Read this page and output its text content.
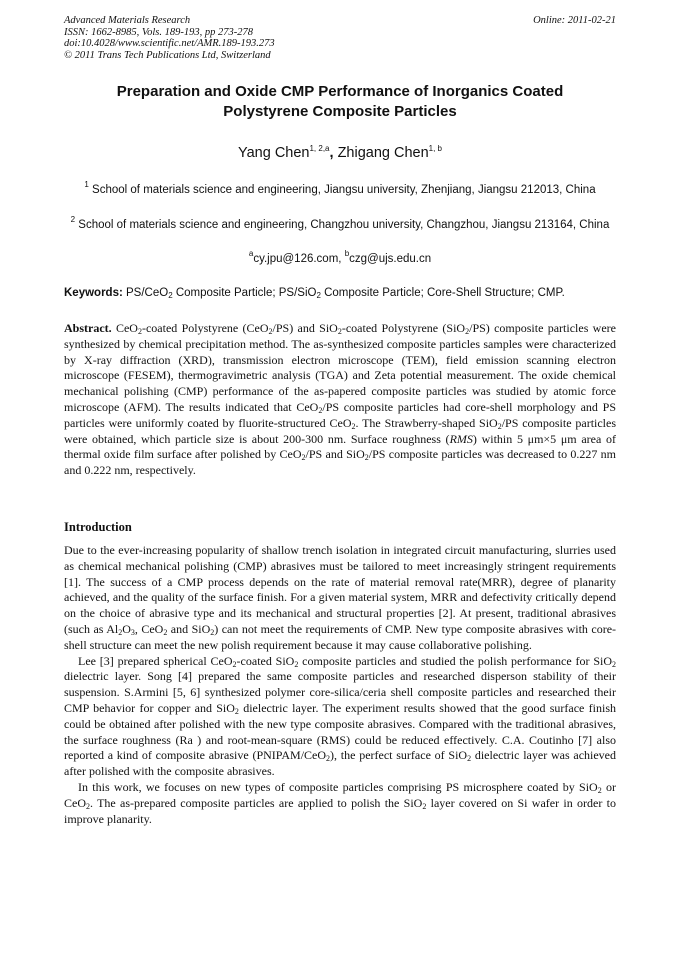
Advanced Materials Research
ISSN: 1662-8985, Vols. 189-193, pp 273-278
doi:10.4028/www.scientific.net/AMR.189-193.273
© 2011 Trans Tech Publications Ltd, Switzerland
Online: 2011-02-21
Preparation and Oxide CMP Performance of Inorganics Coated
Polystyrene Composite Particles
Yang Chen$^{1, 2,a}$, Zhigang Chen$^{1, b}$
$^1$ School of materials science and engineering, Jiangsu university, Zhenjiang, Jiangsu 212013, China
$^2$ School of materials science and engineering, Changzhou university, Changzhou, Jiangsu 213164, China
$^a$cy.jpu@126.com, $^b$czg@ujs.edu.cn
Keywords: PS/CeO$_2$ Composite Particle; PS/SiO$_2$ Composite Particle; Core-Shell Structure; CMP.

Abstract. CeO$_2$-coated Polystyrene (CeO$_2$/PS) and SiO$_2$-coated Polystyrene (SiO$_2$/PS) composite particles were synthesized by chemical precipitation method. The as-synthesized composite particles samples were characterized by X-ray diffraction (XRD), transmission electron microscope (TEM), field emission scanning electron microscope (FESEM), thermogravimetric analysis (TGA) and Zeta potential measurement. The oxide chemical mechanical polishing (CMP) performance of the as-papered composite particles was studied by atomic force microscope (AFM). The results indicated that CeO$_2$/PS composite particles had core-shell morphology and PS particles were uniformly coated by fluorite-structured CeO$_2$. The Strawberry-shaped SiO$_2$/PS composite particles were obtained, which particle size is about 200-300 nm. Surface roughness (RMS) within 5 μm×5 μm area of thermal oxide film surface after polished by CeO$_2$/PS and SiO$_2$/PS composite particles was decreased to 0.227 nm and 0.222 nm, respectively.

Introduction

Due to the ever-increasing popularity of shallow trench isolation in integrated circuit manufacturing, slurries used as chemical mechanical polishing (CMP) abrasives must be tailored to meet increasingly stringent requirements [1]. The success of a CMP process depends on the rate of material removal rate(MRR), degree of planarity achieved, and the quality of the surface finish. For a given material system, MRR and defectivity critically depend on the choice of abrasive type and its mechanical and structural properties [2]. At present, traditional abrasives (such as $Al_2O_3$, CeO$_2$ and SiO$_2$) can not meet the requirements of CMP. New type composite abrasives with core-shell structure can meet the new polish requirement because it may cause collaborative polishing.

Lee [3] prepared spherical CeO$_2$-coated SiO$_2$ composite particles and studied the polish performance for SiO$_2$ dielectric layer. Song [4] prepared the same composite particles and researched disperson stability of their suspension. S.Armini [5, 6] synthesized polymer core-silica/ceria shell composite particles and researched their CMP behavior for copper and SiO$_2$ dielectric layer. The experiment results showed that the good surface finish could be obtained after polished with the new type composite abrasives. Compared with the traditional abrasives, the surface roughness (Ra ) and root-mean-square (RMS) could be reduced effectively. C.A. Coutinho [7] also reported a kind of composite abrasive (PNIPAM/CeO$_2$), the perfect surface of SiO$_2$ dielectric layer was achieved after polished with the composite abrasives.

In this work, we focuses on new types of composite particles comprising PS microsphere coated by SiO$_2$ or CeO$_2$. The as-prepared composite particles are applied to polish the SiO$_2$ layer covered on Si wafer in order to improve planarity.
